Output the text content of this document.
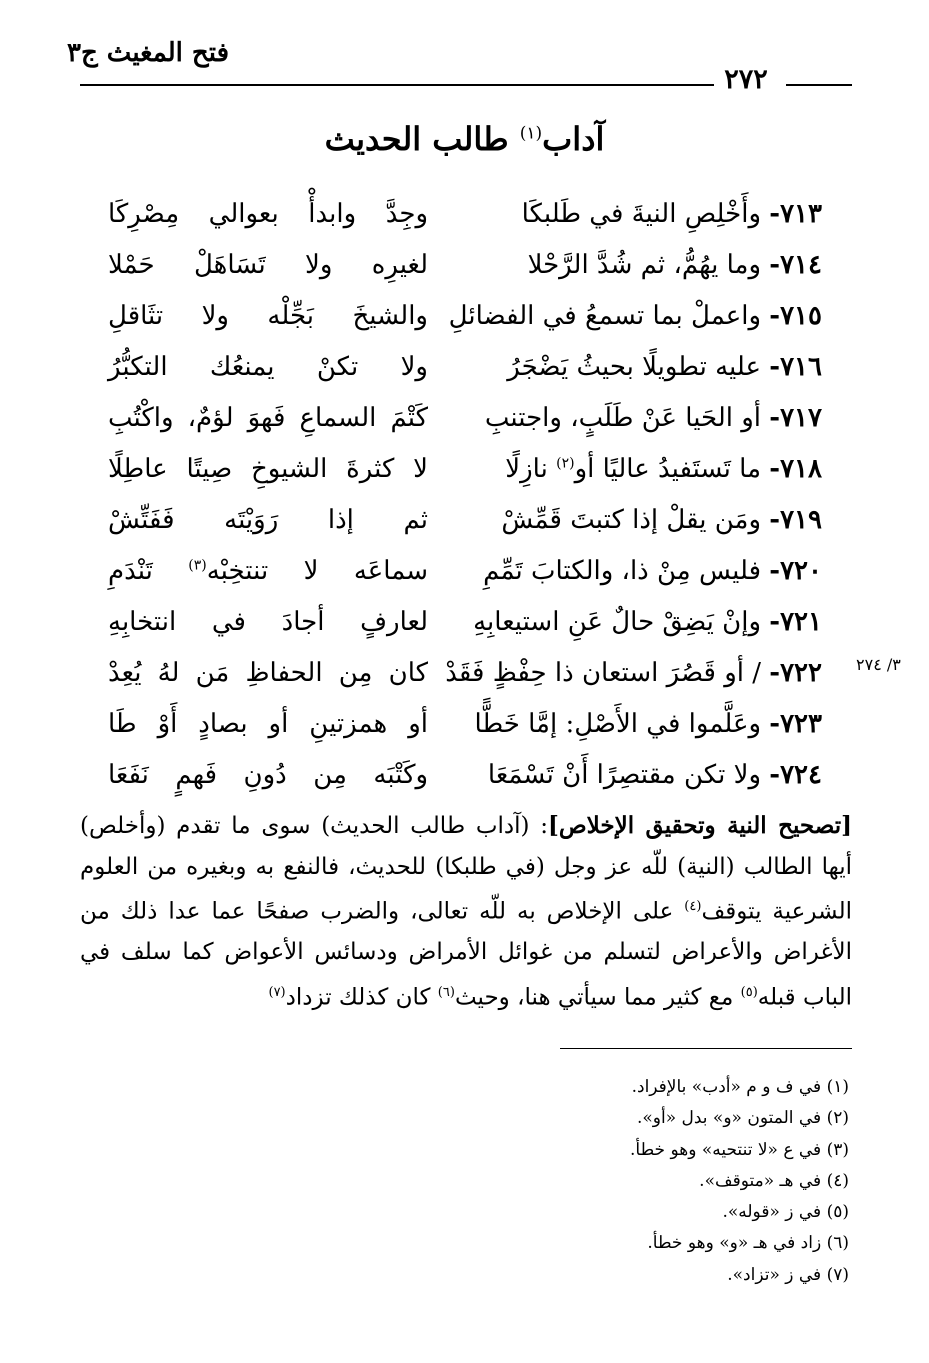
فتح المغيث ج٣
٢٧٢
آداب$^{(١)}$ طالب الحديث
٧١٣- وأَخْلِصِ النيةَ في طَلبكَا
وجِدَّ وابدأْ بعوالي مِصْرِكَا
٧١٤- وما يهُمُّ، ثم شُدَّ الرَّحْلا
لغيرِه ولا تَسَاهَلْ حَمْلا
٧١٥- واعملْ بما تسمعُ في الفضائلِ
والشيخَ بَجِّلْه ولا تثَاقلِ
٧١٦- عليه تطويلًا بحيثُ يَضْجَرُ
ولا تكنْ يمنعُك التكبُّرُ
٧١٧- أو الحَيا عَنْ طَلَبٍ، واجتنبِ
كَتْمَ السماعِ فَهوَ لؤمٌ، واكْتُبِ
٧١٨- ما تَستَفيدُ عاليًا أو$^{(٢)}$ نازِلًا
لا كثرةَ الشيوخِ صِيتًا عاطِلًا
٧١٩- ومَن يقلْ إذا كتبتَ قَمِّشْ
ثم إذا رَوَيْتَه فَفَتِّشْ
٧٢٠- فليس مِنْ ذا، والكتابَ تَمِّمِ
سماعَه لا تنتخِبْه$^{(٣)}$ تَنْدَمِ
٧٢١- وإنْ يَضِقْ حالٌ عَنِ استيعابِهِ
لعارفٍ أجادَ في انتخابِهِ
٧٢٢- / أو قَصُرَ استعان ذا حِفْظٍ فَقَدْ
كان مِن الحفاظِ مَن لهُ يُعِدْ
٧٢٣- وعَلَّموا في الأَصْلِ: إمَّا خَطًّا
أو همزتينِ أو بصادٍ أَوْ طَا
٧٢٤- ولا تكن مقتصِرًا أَنْ تَسْمَعَا
وكَتْبَه مِن دُونِ فَهمٍ نَفَعَا
٣/ ٢٧٤
[تصحيح النية وتحقيق الإخلاص]: (آداب طالب الحديث) سوى ما تقدم (وأخلص) أيها الطالب (النية) للّه عز وجل (في طلبكا) للحديث، فالنفع به وبغيره من العلوم الشرعية يتوقف$^{(٤)}$ على الإخلاص به للّه تعالى، والضرب صفحًا عما عدا ذلك من الأغراض والأعراض لتسلم من غوائل الأمراض ودسائس الأعواض كما سلف في الباب قبله$^{(٥)}$ مع كثير مما سيأتي هنا، وحيث$^{(٦)}$ كان كذلك تزداد$^{(٧)}$
(١) في ف و م «أدب» بالإفراد.
(٢) في المتون «و» بدل «أو».
(٣) في ع «لا تنتحيه» وهو خطأ.
(٤) في هـ «متوقف».
(٥) في ز «قوله».
(٦) زاد في هـ «و» وهو خطأ.
(٧) في ز «تزاد».
